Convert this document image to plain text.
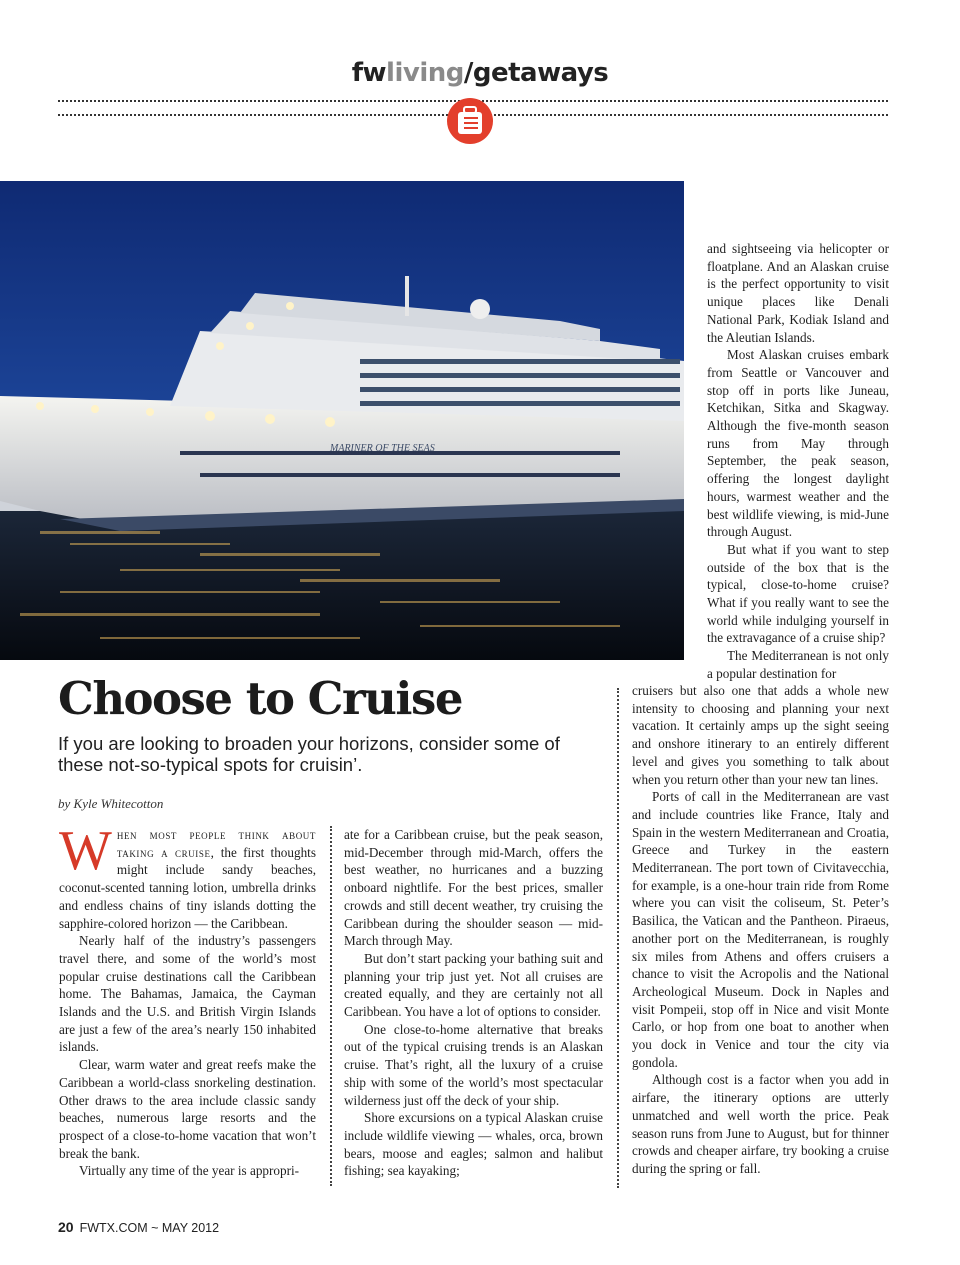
fwliving/getaways
MARINER OF THE SEAS

and sightseeing via helicopter or floatplane. And an Alaskan cruise is the perfect opportunity to visit unique places like Denali National Park, Kodiak Island and the Aleutian Islands.

Most Alaskan cruises embark from Seattle or Vancouver and stop off in ports like Juneau, Ketchikan, Sitka and Skagway. Although the five-month season runs from May through September, the peak season, offering the longest daylight hours, warmest weather and the best wildlife viewing, is mid-June through August.

But what if you want to step outside of the box that is the typical, close-to-home cruise? What if you really want to see the world while indulging yourself in the extravagance of a cruise ship?

The Mediterranean is not only a popular destination for

Choose to Cruise
If you are looking to broaden your horizons, consider some of these not-so-typical spots for cruisin’.
by Kyle Whitecotton

cruisers but also one that adds a whole new intensity to choosing and planning your next vacation. It certainly amps up the sight seeing and onshore itinerary to an entirely different level and gives you something to talk about when you return other than your new tan lines.

Ports of call in the Mediterranean are vast and include countries like France, Italy and Spain in the western Mediterranean and Croatia, Greece and Turkey in the eastern Mediterranean. The port town of Civitavecchia, for example, is a one-hour train ride from Rome where you can visit the coliseum, St. Peter’s Basilica, the Vatican and the Pantheon. Piraeus, another port on the Mediterranean, is roughly six miles from Athens and offers cruisers a chance to visit the Acropolis and the National Archeological Museum. Dock in Naples and visit Pompeii, stop off in Nice and visit Monte Carlo, or hop from one boat to another when you dock in Venice and tour the city via gondola.

Although cost is a factor when you add in airfare, the itinerary options are utterly unmatched and well worth the price. Peak season runs from June to August, but for thinner crowds and cheaper airfare, try booking a cruise during the spring or fall.

When most people think about taking a cruise, the first thoughts might include sandy beaches, coconut-scented tanning lotion, umbrella drinks and endless chains of tiny islands dotting the sapphire-colored horizon — the Caribbean.

Nearly half of the industry’s passengers travel there, and some of the world’s most popular cruise destinations call the Caribbean home. The Bahamas, Jamaica, the Cayman Islands and the U.S. and British Virgin Islands are just a few of the area’s nearly 150 inhabited islands.

Clear, warm water and great reefs make the Caribbean a world-class snorkeling destination. Other draws to the area include classic sandy beaches, numerous large resorts and the prospect of a close-to-home vacation that won’t break the bank.

Virtually any time of the year is appropri-

ate for a Caribbean cruise, but the peak season, mid-December through mid-March, offers the best weather, no hurricanes and a buzzing onboard nightlife. For the best prices, smaller crowds and still decent weather, try cruising the Caribbean during the shoulder season — mid-March through May.

But don’t start packing your bathing suit and planning your trip just yet. Not all cruises are created equally, and they are certainly not all Caribbean. You have a lot of options to consider.

One close-to-home alternative that breaks out of the typical cruising trends is an Alaskan cruise. That’s right, all the luxury of a cruise ship with some of the world’s most spectacular wilderness just off the deck of your ship.

Shore excursions on a typical Alaskan cruise include wildlife viewing — whales, orca, brown bears, moose and eagles; salmon and halibut fishing; sea kayaking;

20 FWTX.COM ~ MAY 2012
